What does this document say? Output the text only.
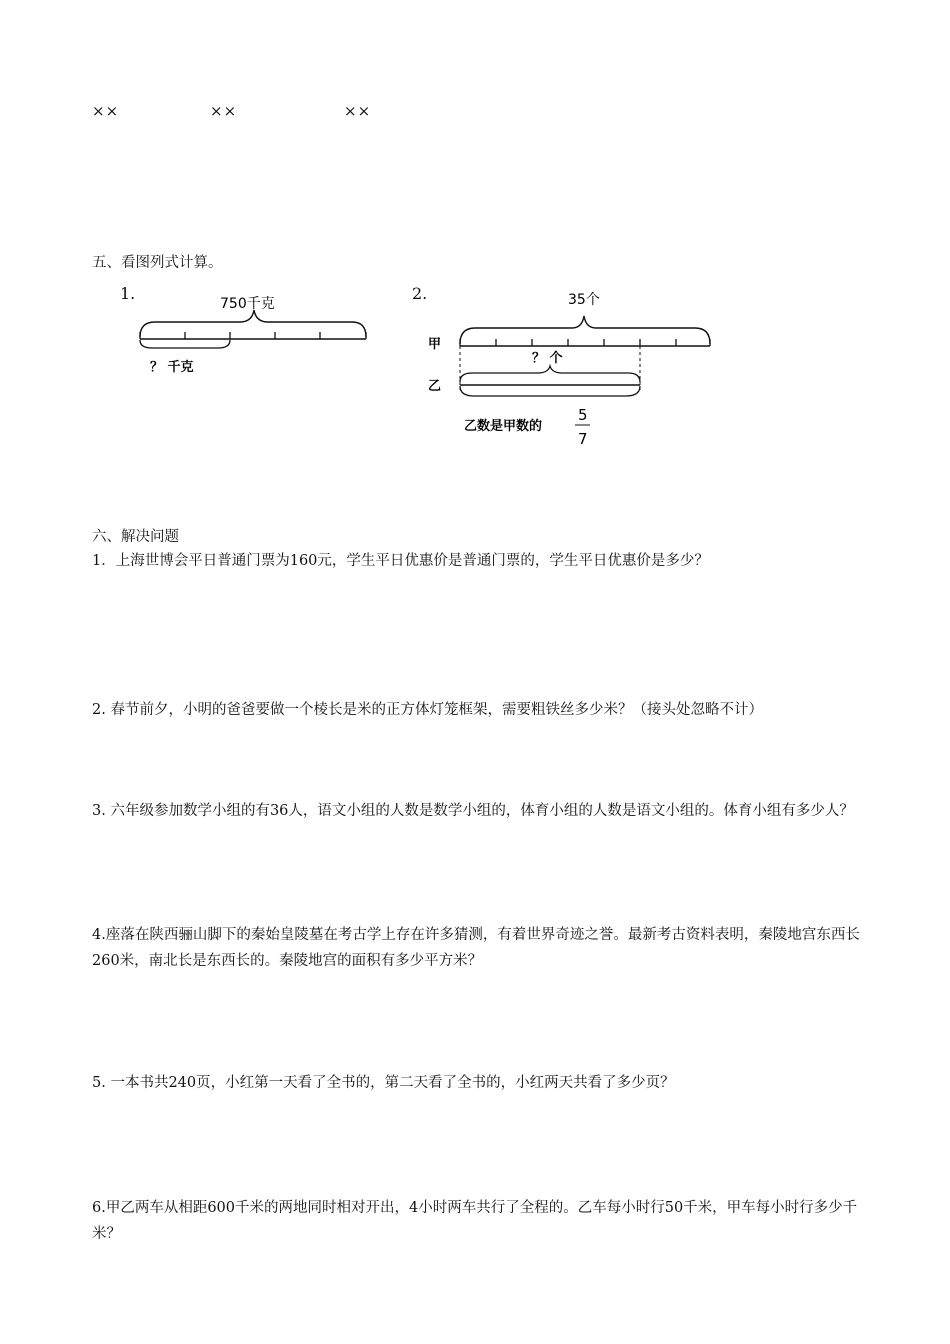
××	××	××
五、看图列式计算。
1.	2.
750千克
？ 千克
35个
甲
？ 个
乙
乙数是甲数的
5
7
六、解决问题
1．上海世博会平日普通门票为160元，学生平日优惠价是普通门票的，学生平日优惠价是多少？
2. 春节前夕，小明的爸爸要做一个棱长是米的正方体灯笼框架，需要粗铁丝多少米？（接头处忽略不计）
3. 六年级参加数学小组的有36人，语文小组的人数是数学小组的，体育小组的人数是语文小组的。体育小组有多少人？
4.座落在陕西骊山脚下的秦始皇陵墓在考古学上存在许多猜测，有着世界奇迹之誉。最新考古资料表明，秦陵地宫东西长260米，南北长是东西长的。秦陵地宫的面积有多少平方米？
5. 一本书共240页，小红第一天看了全书的，第二天看了全书的，小红两天共看了多少页？
6.甲乙两车从相距600千米的两地同时相对开出，4小时两车共行了全程的。乙车每小时行50千米，甲车每小时行多少千米？
